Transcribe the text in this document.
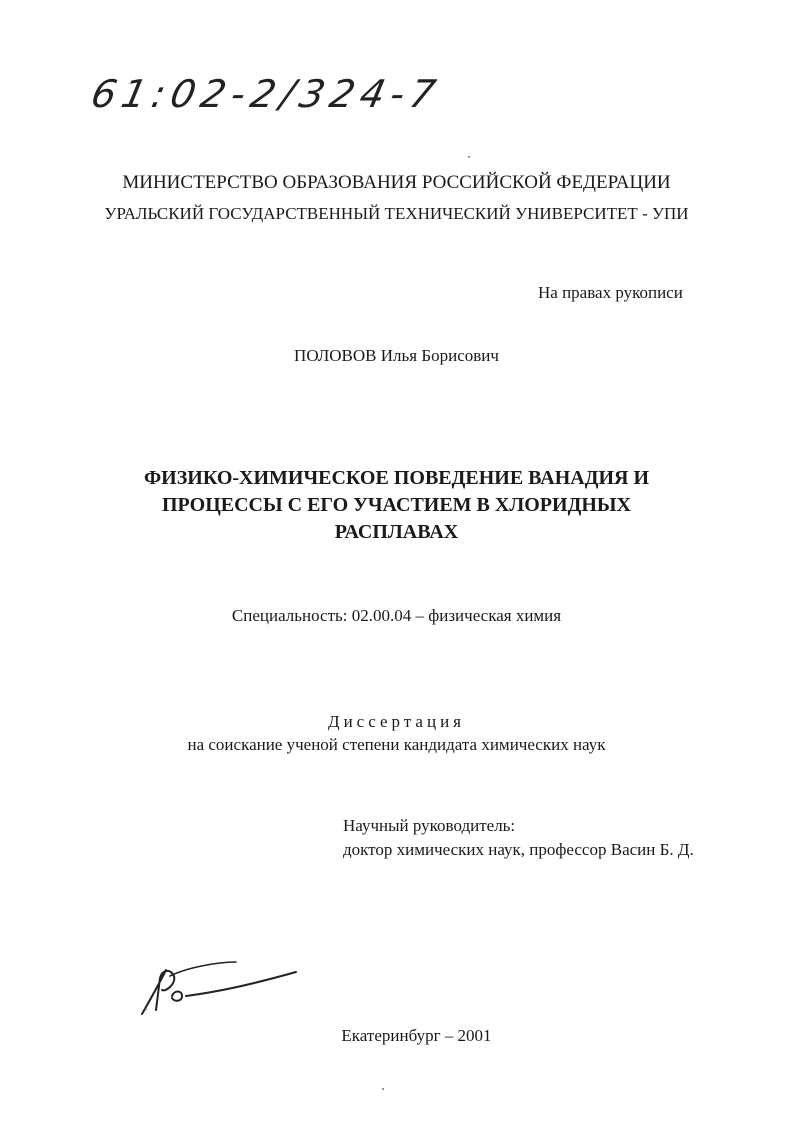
61:02-2/324-7
МИНИСТЕРСТВО ОБРАЗОВАНИЯ РОССИЙСКОЙ ФЕДЕРАЦИИ
УРАЛЬСКИЙ ГОСУДАРСТВЕННЫЙ ТЕХНИЧЕСКИЙ УНИВЕРСИТЕТ - УПИ
На правах рукописи
ПОЛОВОВ Илья Борисович
ФИЗИКО-ХИМИЧЕСКОЕ ПОВЕДЕНИЕ ВАНАДИЯ И
ПРОЦЕССЫ С ЕГО УЧАСТИЕМ В ХЛОРИДНЫХ
РАСПЛАВАХ
Специальность: 02.00.04 – физическая химия
Диссертация
на соискание ученой степени кандидата химических наук
Научный руководитель:
доктор химических наук, профессор Васин Б. Д.
Екатеринбург – 2001
